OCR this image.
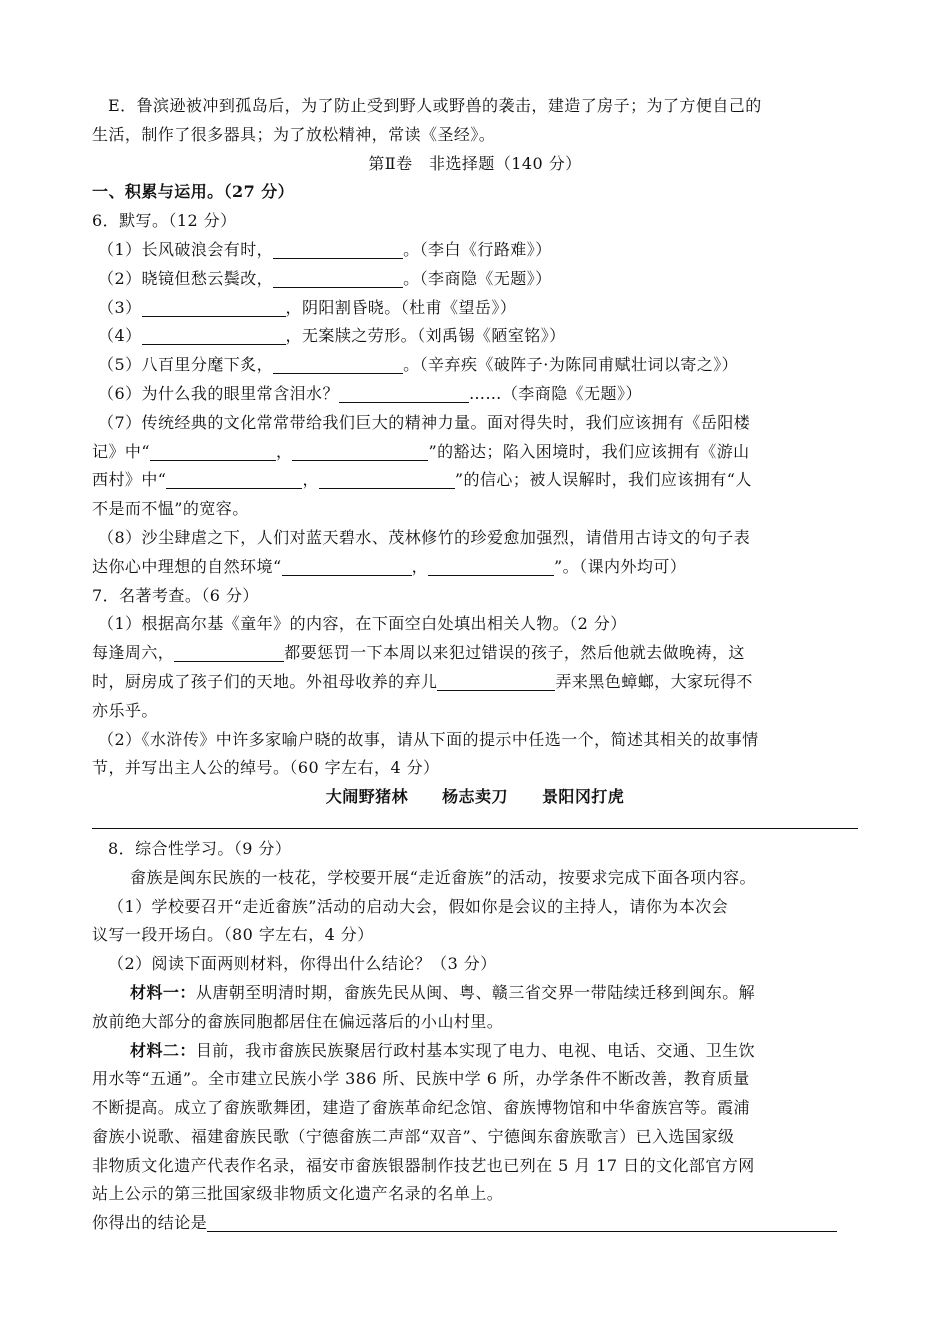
E．鲁滨逊被冲到孤岛后，为了防止受到野人或野兽的袭击，建造了房子；为了方便自己的
生活，制作了很多器具；为了放松精神，常读《圣经》。
第Ⅱ卷　非选择题（140 分）
一、积累与运用。（27 分）
6．默写。（12 分）
（1）长风破浪会有时，	。（李白《行路难》）
（2）晓镜但愁云鬓改，	。（李商隐《无题》）
（3）	，阴阳割昏晓。（杜甫《望岳》）
（4）	，无案牍之劳形。（刘禹锡《陋室铭》）
（5）八百里分麾下炙，	。（辛弃疾《破阵子·为陈同甫赋壮词以寄之》）
（6）为什么我的眼里常含泪水？	……（李商隐《无题》）
（7）传统经典的文化常常带给我们巨大的精神力量。面对得失时，我们应该拥有《岳阳楼
记》中“	，	”的豁达；陷入困境时，我们应该拥有《游山
西村》中“	，	”的信心；被人误解时，我们应该拥有“人
不是而不愠”的宽容。
（8）沙尘肆虐之下，人们对蓝天碧水、茂林修竹的珍爱愈加强烈，请借用古诗文的句子表
达你心中理想的自然环境“	，	”。（课内外均可）
7．名著考查。（6 分）
（1）根据高尔基《童年》的内容，在下面空白处填出相关人物。（2 分）
每逢周六，	都要惩罚一下本周以来犯过错误的孩子，然后他就去做晚祷，这
时，厨房成了孩子们的天地。外祖母收养的弃儿	弄来黑色蟑螂，大家玩得不
亦乐乎。
（2）《水浒传》中许多家喻户晓的故事，请从下面的提示中任选一个，简述其相关的故事情
节，并写出主人公的绰号。（60 字左右，4 分）
大闹野猪林 杨志卖刀 景阳冈打虎
8．综合性学习。（9 分）
畲族是闽东民族的一枝花，学校要开展“走近畲族”的活动，按要求完成下面各项内容。
（1）学校要召开“走近畲族”活动的启动大会，假如你是会议的主持人，请你为本次会
议写一段开场白。（80 字左右，4 分）
（2）阅读下面两则材料，你得出什么结论？（3 分）
材料一：从唐朝至明清时期，畲族先民从闽、粤、赣三省交界一带陆续迁移到闽东。解
放前绝大部分的畲族同胞都居住在偏远落后的小山村里。
材料二：目前，我市畲族民族聚居行政村基本实现了电力、电视、电话、交通、卫生饮
用水等“五通”。全市建立民族小学 386 所、民族中学 6 所，办学条件不断改善，教育质量
不断提高。成立了畲族歌舞团，建造了畲族革命纪念馆、畲族博物馆和中华畲族宫等。霞浦
畲族小说歌、福建畲族民歌（宁德畲族二声部“双音”、宁德闽东畲族歌言）已入选国家级
非物质文化遗产代表作名录，福安市畲族银器制作技艺也已列在 5 月 17 日的文化部官方网
站上公示的第三批国家级非物质文化遗产名录的名单上。
你得出的结论是
